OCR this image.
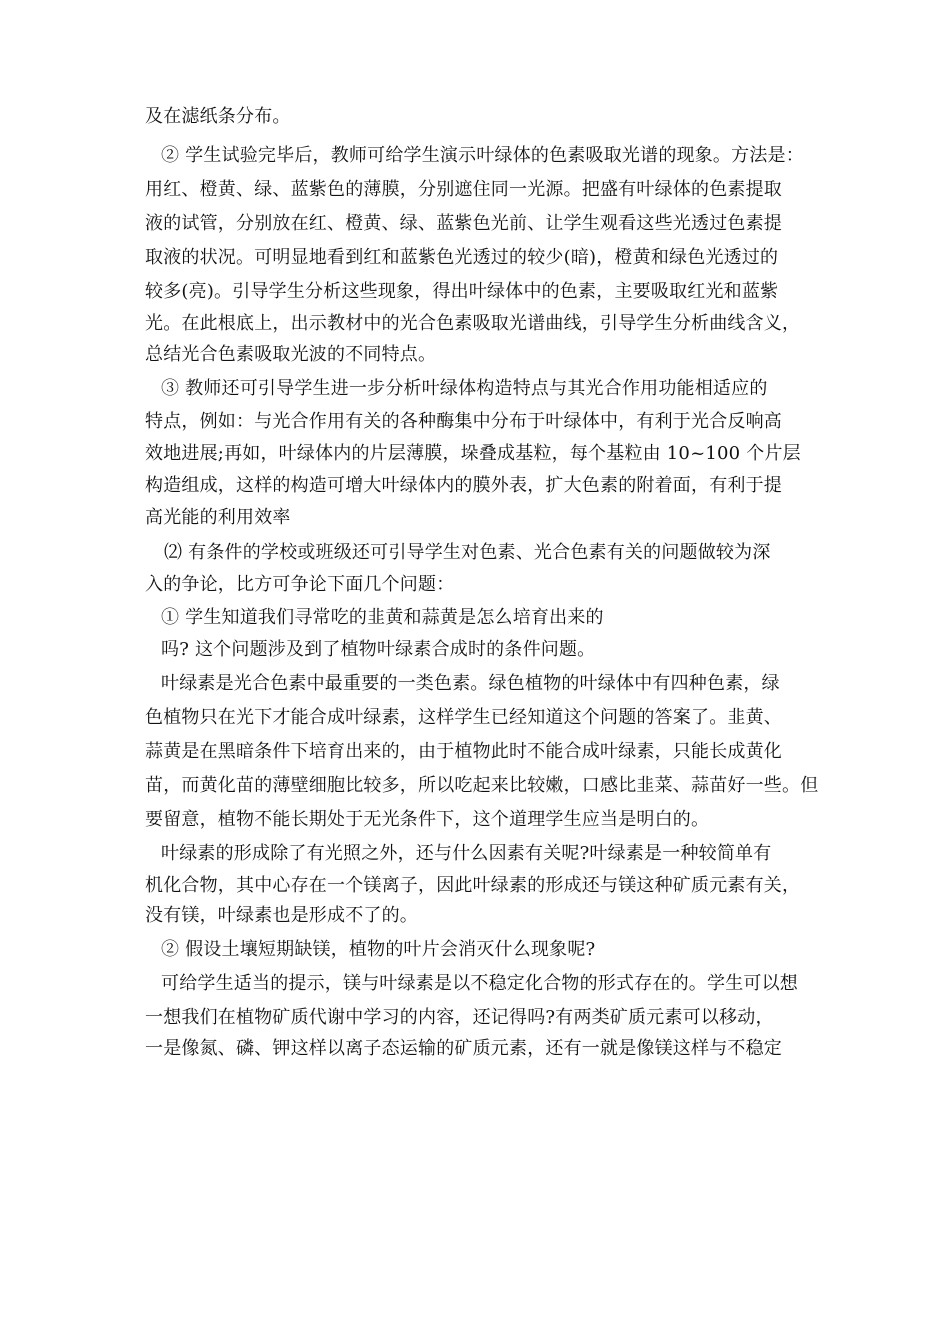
及在滤纸条分布。
② 学生试验完毕后，教师可给学生演示叶绿体的色素吸取光谱的现象。方法是：
用红、橙黄、绿、蓝紫色的薄膜，分别遮住同一光源。把盛有叶绿体的色素提取
液的试管，分别放在红、橙黄、绿、蓝紫色光前、让学生观看这些光透过色素提
取液的状况。可明显地看到红和蓝紫色光透过的较少(暗)，橙黄和绿色光透过的
较多(亮)。引导学生分析这些现象，得出叶绿体中的色素，主要吸取红光和蓝紫
光。在此根底上，出示教材中的光合色素吸取光谱曲线，引导学生分析曲线含义，
总结光合色素吸取光波的不同特点。
③ 教师还可引导学生进一步分析叶绿体构造特点与其光合作用功能相适应的
特点，例如：与光合作用有关的各种酶集中分布于叶绿体中，有利于光合反响高
效地进展;再如，叶绿体内的片层薄膜，垛叠成基粒，每个基粒由 10~100 个片层
构造组成，这样的构造可增大叶绿体内的膜外表，扩大色素的附着面，有利于提
高光能的利用效率
⑵ 有条件的学校或班级还可引导学生对色素、光合色素有关的问题做较为深
入的争论，比方可争论下面几个问题：
① 学生知道我们寻常吃的韭黄和蒜黄是怎么培育出来的
吗? 这个问题涉及到了植物叶绿素合成时的条件问题。
叶绿素是光合色素中最重要的一类色素。绿色植物的叶绿体中有四种色素，绿
色植物只在光下才能合成叶绿素，这样学生已经知道这个问题的答案了。韭黄、
蒜黄是在黑暗条件下培育出来的，由于植物此时不能合成叶绿素，只能长成黄化
苗，而黄化苗的薄壁细胞比较多，所以吃起来比较嫩，口感比韭菜、蒜苗好一些。但
要留意，植物不能长期处于无光条件下，这个道理学生应当是明白的。
叶绿素的形成除了有光照之外，还与什么因素有关呢?叶绿素是一种较简单有
机化合物，其中心存在一个镁离子，因此叶绿素的形成还与镁这种矿质元素有关，
没有镁，叶绿素也是形成不了的。
② 假设土壤短期缺镁，植物的叶片会消灭什么现象呢?
可给学生适当的提示，镁与叶绿素是以不稳定化合物的形式存在的。学生可以想
一想我们在植物矿质代谢中学习的内容，还记得吗?有两类矿质元素可以移动，
一是像氮、磷、钾这样以离子态运输的矿质元素，还有一就是像镁这样与不稳定
